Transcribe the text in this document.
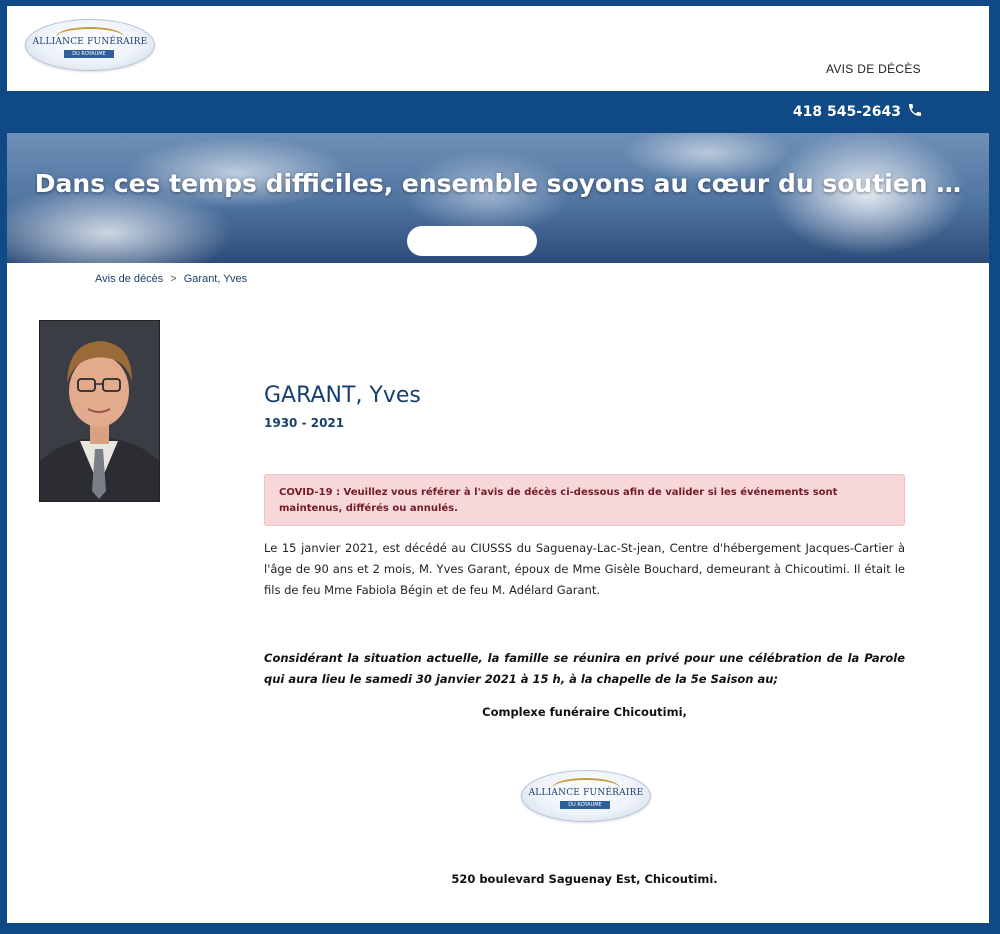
ALLIANCE FUNÉRAIRE
DU ROYAUME
AVIS DE DÉCÈS
418 545-2643
Dans ces temps difficiles, ensemble soyons au cœur du soutien …
Avis de décès > Garant, Yves
GARANT, Yves
1930 - 2021
COVID-19 : Veuillez vous référer à l'avis de décès ci-dessous afin de valider si les événements sont maintenus, différés ou annulés.
Le 15 janvier 2021, est décédé au CIUSSS du Saguenay-Lac-St-jean, Centre d'hébergement Jacques-Cartier à l'âge de 90 ans et 2 mois, M. Yves Garant, époux de Mme Gisèle Bouchard, demeurant à Chicoutimi. Il était le fils de feu Mme Fabiola Bégin et de feu M. Adélard Garant.
Considérant la situation actuelle, la famille se réunira en privé pour une célébration de la Parole qui aura lieu le samedi 30 janvier 2021 à 15 h, à la chapelle de la 5e Saison au;
Complexe funéraire Chicoutimi,
ALLIANCE FUNÉRAIRE
DU ROYAUME
520 boulevard Saguenay Est, Chicoutimi.
